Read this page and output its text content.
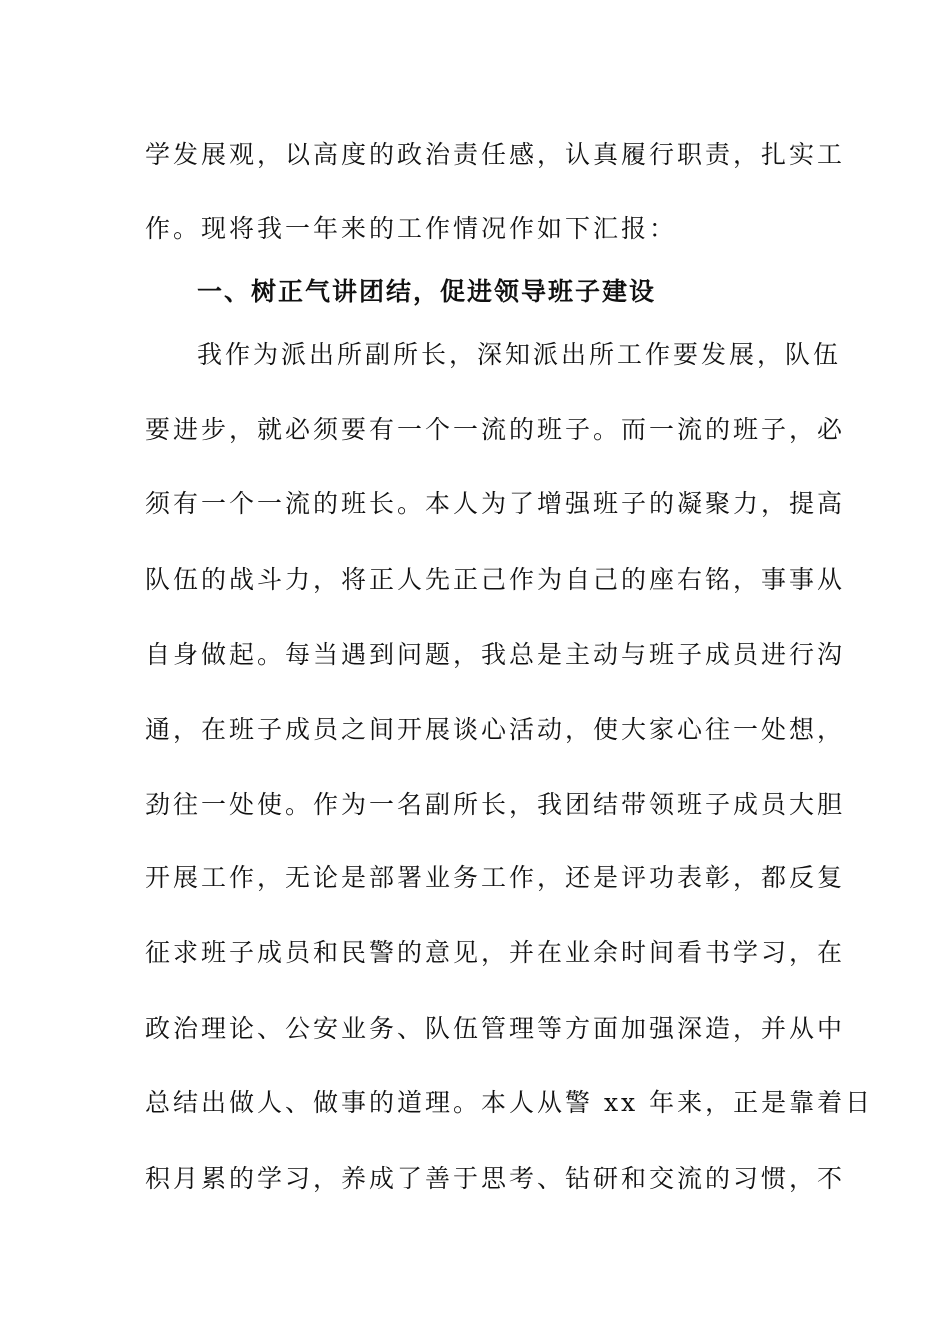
学发展观，以高度的政治责任感，认真履行职责，扎实工
作。现将我一年来的工作情况作如下汇报：
一、树正气讲团结，促进领导班子建设
我作为派出所副所长，深知派出所工作要发展，队伍
要进步，就必须要有一个一流的班子。而一流的班子，必
须有一个一流的班长。本人为了增强班子的凝聚力，提高
队伍的战斗力，将正人先正己作为自己的座右铭，事事从
自身做起。每当遇到问题，我总是主动与班子成员进行沟
通，在班子成员之间开展谈心活动，使大家心往一处想，
劲往一处使。作为一名副所长，我团结带领班子成员大胆
开展工作，无论是部署业务工作，还是评功表彰，都反复
征求班子成员和民警的意见，并在业余时间看书学习，在
政治理论、公安业务、队伍管理等方面加强深造，并从中
总结出做人、做事的道理。本人从警 xx 年来，正是靠着日
积月累的学习，养成了善于思考、钻研和交流的习惯，不
